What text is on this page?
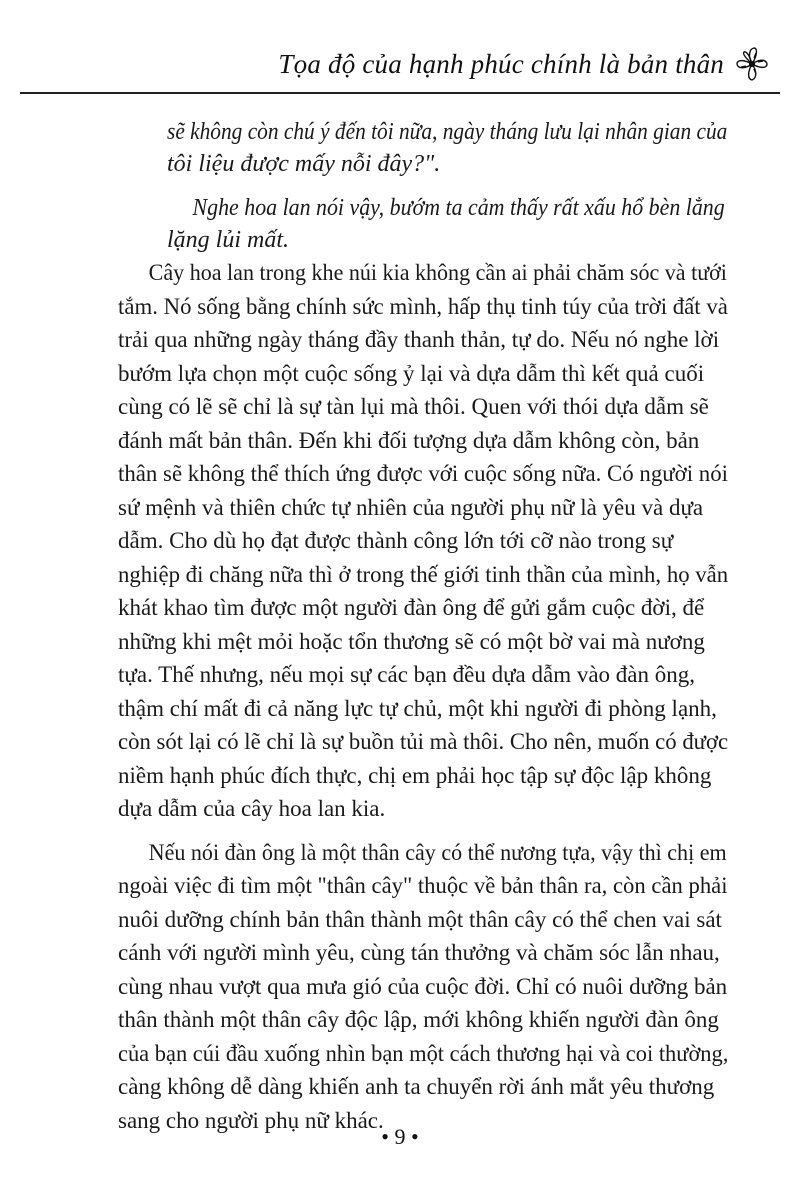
Tọa độ của hạnh phúc chính là bản thân

sẽ không còn chú ý đến tôi nữa, ngày tháng lưu lại nhân gian của

tôi liệu được mấy nỗi đây?".

Nghe hoa lan nói vậy, bướm ta cảm thấy rất xấu hổ bèn lẳng

lặng lủi mất.

Cây hoa lan trong khe núi kia không cần ai phải chăm sóc và tưới

tắm. Nó sống bằng chính sức mình, hấp thụ tinh túy của trời đất và

trải qua những ngày tháng đầy thanh thản, tự do. Nếu nó nghe lời

bướm lựa chọn một cuộc sống ỷ lại và dựa dẫm thì kết quả cuối

cùng có lẽ sẽ chỉ là sự tàn lụi mà thôi. Quen với thói dựa dẫm sẽ

đánh mất bản thân. Đến khi đối tượng dựa dẫm không còn, bản

thân sẽ không thể thích ứng được với cuộc sống nữa. Có người nói

sứ mệnh và thiên chức tự nhiên của người phụ nữ là yêu và dựa

dẫm. Cho dù họ đạt được thành công lớn tới cỡ nào trong sự

nghiệp đi chăng nữa thì ở trong thế giới tinh thần của mình, họ vẫn

khát khao tìm được một người đàn ông để gửi gắm cuộc đời, để

những khi mệt mỏi hoặc tổn thương sẽ có một bờ vai mà nương

tựa. Thế nhưng, nếu mọi sự các bạn đều dựa dẫm vào đàn ông,

thậm chí mất đi cả năng lực tự chủ, một khi người đi phòng lạnh,

còn sót lại có lẽ chỉ là sự buồn tủi mà thôi. Cho nên, muốn có được

niềm hạnh phúc đích thực, chị em phải học tập sự độc lập không

dựa dẫm của cây hoa lan kia.

Nếu nói đàn ông là một thân cây có thể nương tựa, vậy thì chị em

ngoài việc đi tìm một "thân cây" thuộc về bản thân ra, còn cần phải

nuôi dưỡng chính bản thân thành một thân cây có thể chen vai sát

cánh với người mình yêu, cùng tán thưởng và chăm sóc lẫn nhau,

cùng nhau vượt qua mưa gió của cuộc đời. Chỉ có nuôi dưỡng bản

thân thành một thân cây độc lập, mới không khiến người đàn ông

của bạn cúi đầu xuống nhìn bạn một cách thương hại và coi thường,

càng không dễ dàng khiến anh ta chuyển rời ánh mắt yêu thương

sang cho người phụ nữ khác.

• 9 •
